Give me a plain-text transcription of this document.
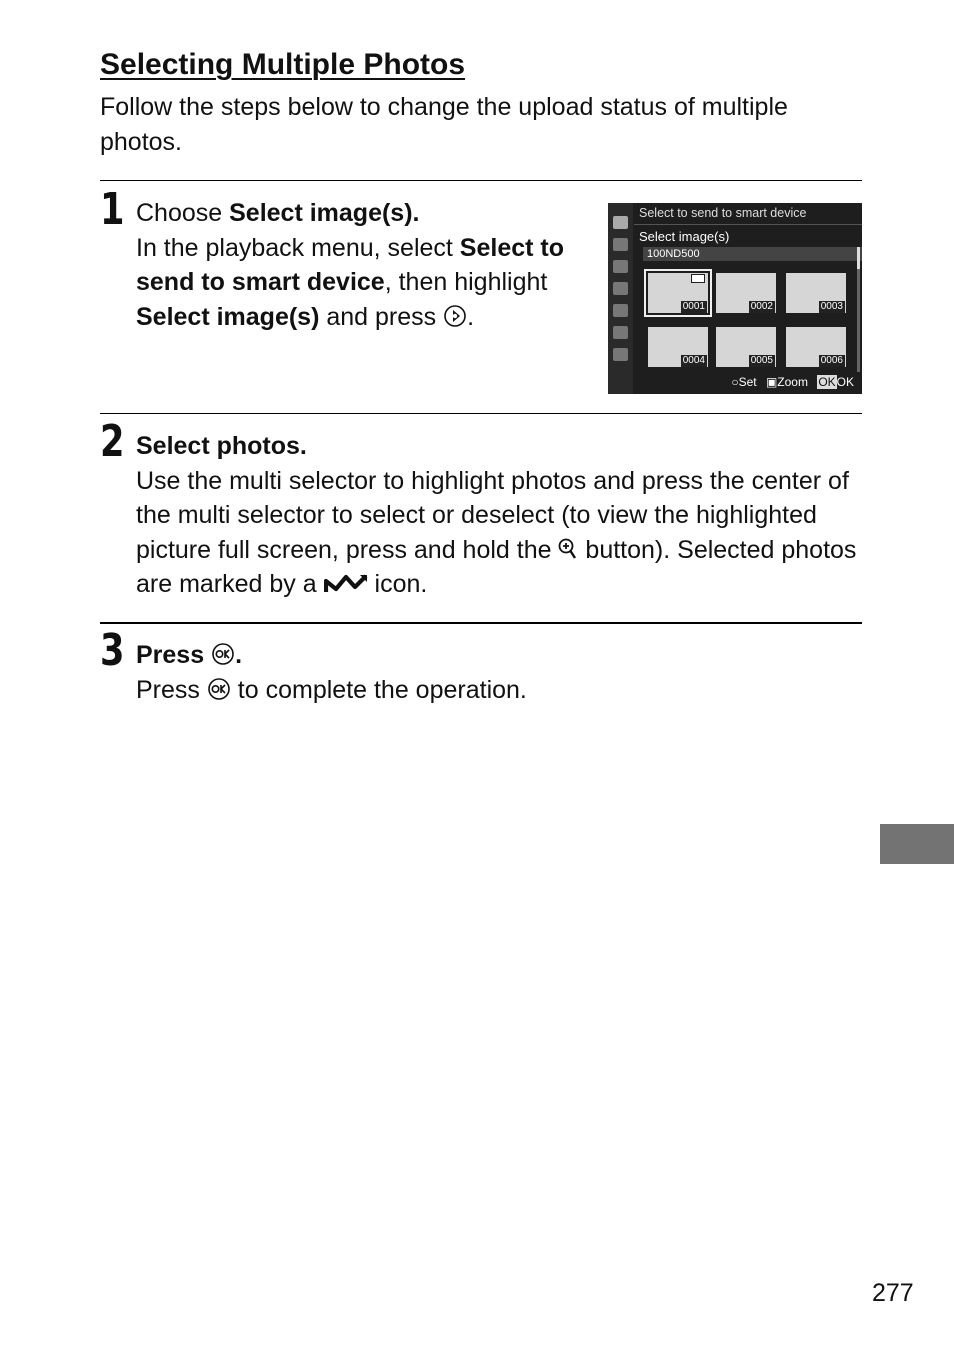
Selecting Multiple Photos

Follow the steps below to change the upload status of multiple photos.

1 Choose Select image(s).
In the playback menu, select Select to send to smart device, then highlight Select image(s) and press .
Select to send to smart device
Select image(s)
100ND500
0001	0002	0003
0004	0005	0006
○Set ▣Zoom OKOK
2 Select photos.
Use the multi selector to highlight photos and press the center of the multi selector to select or deselect (to view the highlighted picture full screen, press and hold the  button). Selected photos are marked by a  icon.
3 Press .
Press  to complete the operation.
277
